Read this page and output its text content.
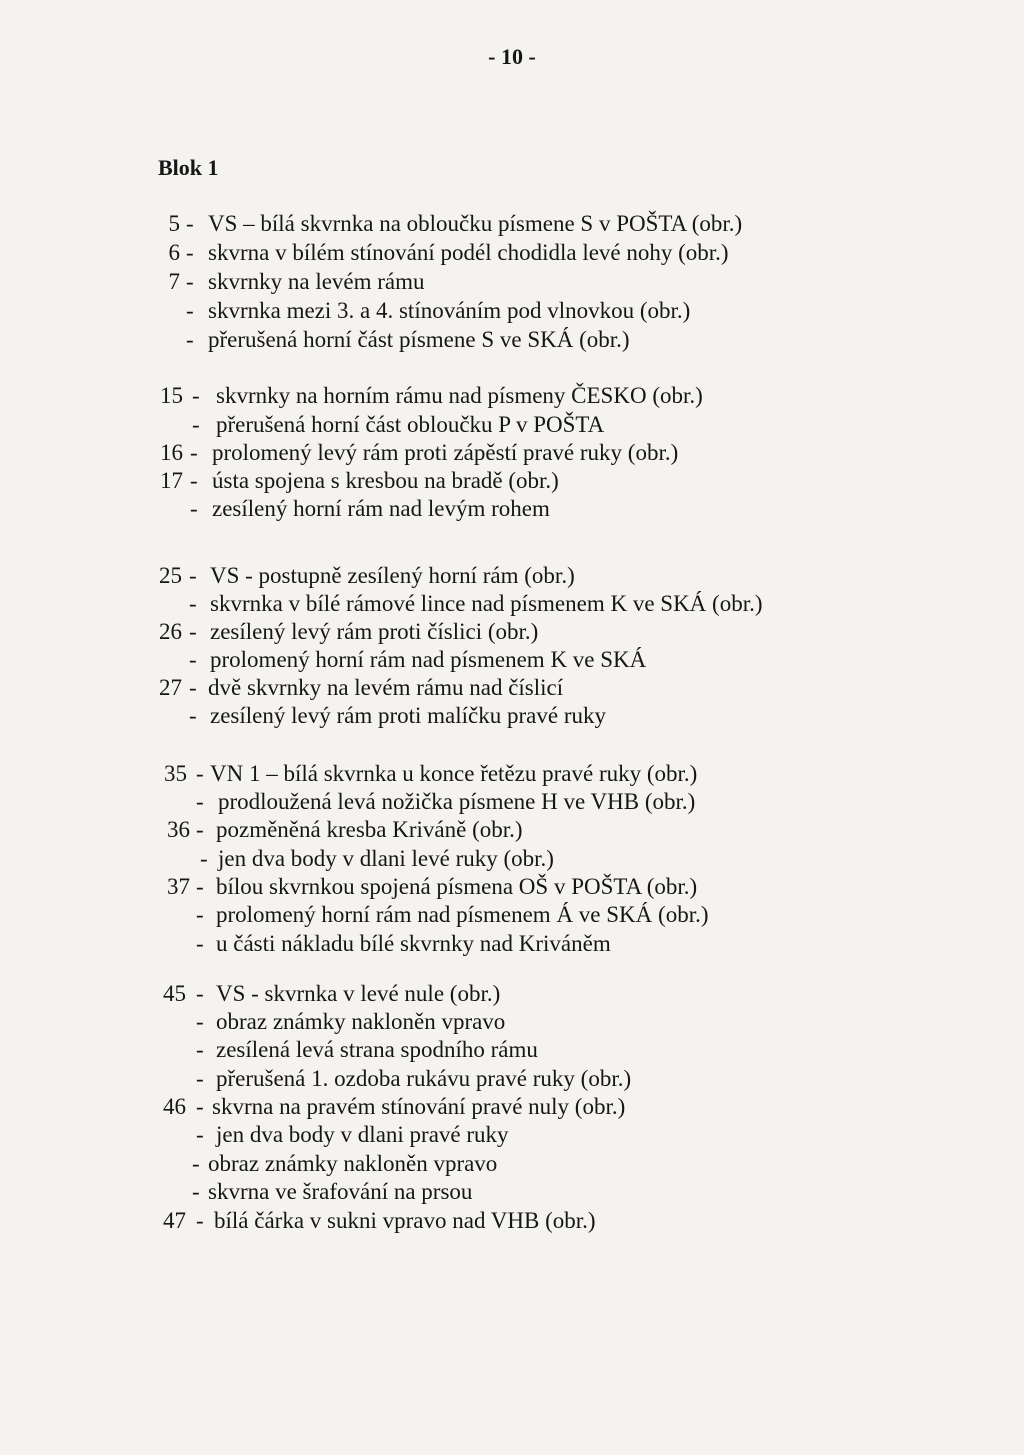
- 10 -
Blok 1
5 - VS – bílá skvrnka na obloučku písmene S v POŠTA (obr.)
6 - skvrna v bílém stínování podél chodidla levé nohy (obr.)
7 - skvrnky na levém rámu
- skvrnka mezi 3. a 4. stínováním pod vlnovkou (obr.)
- přerušená horní část písmene S ve SKÁ (obr.)
15 - skvrnky na horním rámu nad písmeny ČESKO (obr.)
- přerušená horní část obloučku P v POŠTA
16 - prolomený levý rám proti zápěstí pravé ruky (obr.)
17 - ústa spojena s kresbou na bradě (obr.)
- zesílený horní rám nad levým rohem
25 - VS - postupně zesílený horní rám (obr.)
- skvrnka v bílé rámové lince nad písmenem K ve SKÁ (obr.)
26 - zesílený levý rám proti číslici (obr.)
- prolomený horní rám nad písmenem K ve SKÁ
27 - dvě skvrnky na levém rámu nad číslicí
- zesílený levý rám proti malíčku pravé ruky
35 - VN 1 – bílá skvrnka u konce řetězu pravé ruky (obr.)
- prodloužená levá nožička písmene H ve VHB (obr.)
36 - pozměněná kresba Kriváně (obr.)
- jen dva body v dlani levé ruky (obr.)
37 - bílou skvrnkou spojená písmena OŠ v POŠTA (obr.)
- prolomený horní rám nad písmenem Á ve SKÁ (obr.)
- u části nákladu bílé skvrnky nad Kriváněm
45 - VS - skvrnka v levé nule (obr.)
- obraz známky nakloněn vpravo
- zesílená levá strana spodního rámu
- přerušená 1. ozdoba rukávu pravé ruky (obr.)
46 - skvrna na pravém stínování pravé nuly (obr.)
- jen dva body v dlani pravé ruky
- obraz známky nakloněn vpravo
- skvrna ve šrafování na prsou
47 - bílá čárka v sukni vpravo nad VHB (obr.)
